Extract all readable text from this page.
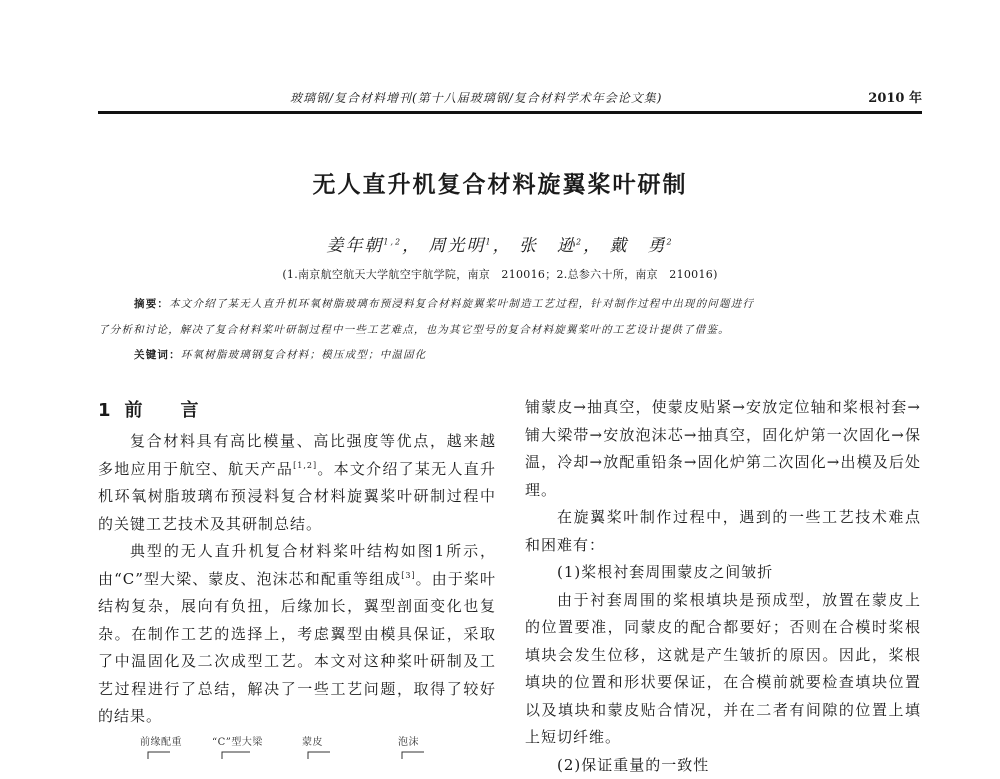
玻璃钢/复合材料增刊(第十八届玻璃钢/复合材料学术年会论文集)	2010 年
无人直升机复合材料旋翼桨叶研制
姜年朝$^{1,2}$， 周光明$^1$， 张　逊$^2$， 戴　勇$^2$
(1.南京航空航天大学航空宇航学院，南京　210016；2.总参六十所，南京　210016)
摘要：本文介绍了某无人直升机环氧树脂玻璃布预浸料复合材料旋翼桨叶制造工艺过程，针对制作过程中出现的问题进行
了分析和讨论，解决了复合材料桨叶研制过程中一些工艺难点，也为其它型号的复合材料旋翼桨叶的工艺设计提供了借鉴。
关键词：环氧树脂玻璃钢复合材料；模压成型；中温固化
1 前　言

复合材料具有高比模量、高比强度等优点，越来越多地应用于航空、航天产品[1,2]。本文介绍了某无人直升机环氧树脂玻璃布预浸料复合材料旋翼桨叶研制过程中的关键工艺技术及其研制总结。

典型的无人直升机复合材料桨叶结构如图1所示，由“C”型大梁、蒙皮、泡沫芯和配重等组成[3]。由于桨叶结构复杂，展向有负扭，后缘加长，翼型剖面变化也复杂。在制作工艺的选择上，考虑翼型由模具保证，采取了中温固化及二次成型工艺。本文对这种桨叶研制及工艺过程进行了总结，解决了一些工艺问题，取得了较好的结果。

铺蒙皮→抽真空，使蒙皮贴紧→安放定位轴和桨根衬套→铺大梁带→安放泡沫芯→抽真空，固化炉第一次固化→保温，冷却→放配重铅条→固化炉第二次固化→出模及后处理。

在旋翼桨叶制作过程中，遇到的一些工艺技术难点和困难有：

(1)桨根衬套周围蒙皮之间皱折

由于衬套周围的桨根填块是预成型，放置在蒙皮上的位置要准，同蒙皮的配合都要好；否则在合模时桨根填块会发生位移，这就是产生皱折的原因。因此，桨根填块的位置和形状要保证，在合模前就要检查填块位置以及填块和蒙皮贴合情况，并在二者有间隙的位置上填上短切纤维。

(2)保证重量的一致性

前缘配重	“C”型大梁	蒙皮	泡沫
